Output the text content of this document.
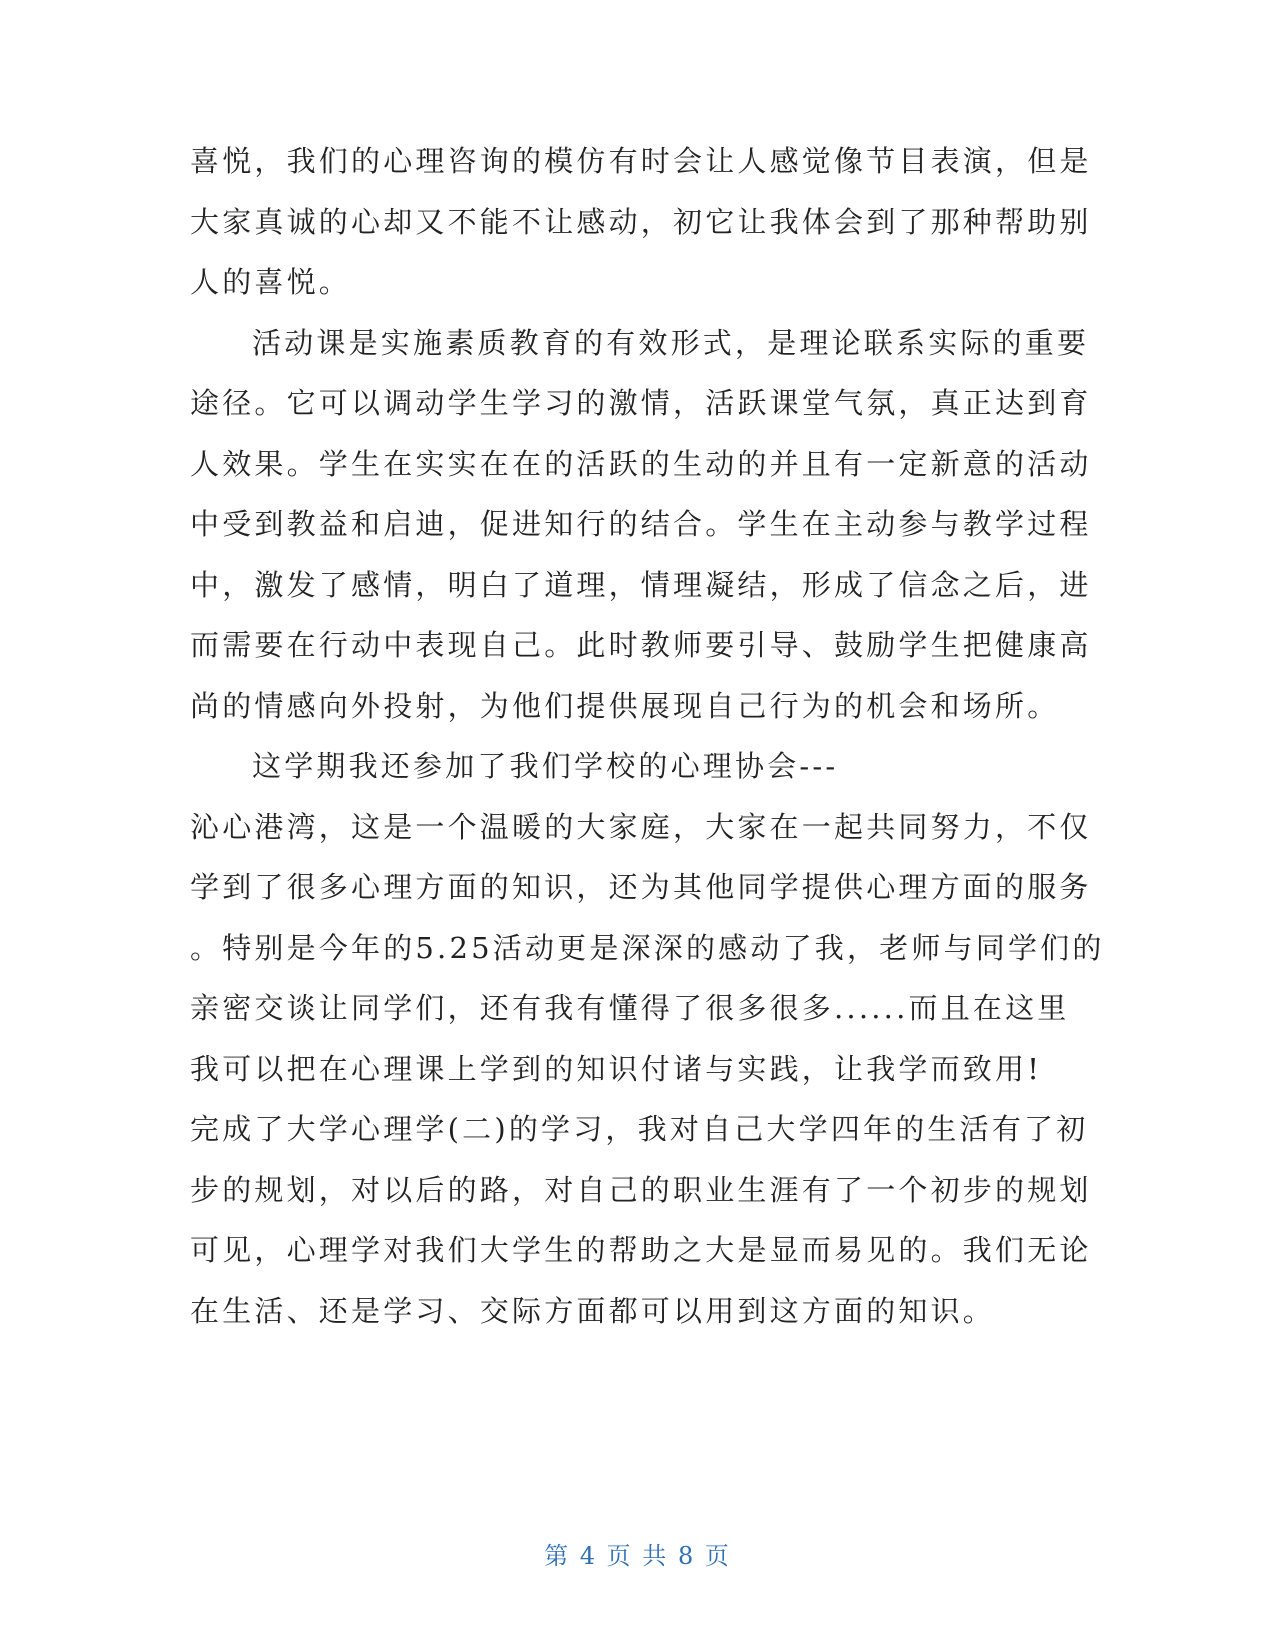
喜悦，我们的心理咨询的模仿有时会让人感觉像节目表演，但是
大家真诚的心却又不能不让感动，初它让我体会到了那种帮助别
人的喜悦。
活动课是实施素质教育的有效形式，是理论联系实际的重要
途径。它可以调动学生学习的激情，活跃课堂气氛，真正达到育
人效果。学生在实实在在的活跃的生动的并且有一定新意的活动
中受到教益和启迪，促进知行的结合。学生在主动参与教学过程
中，激发了感情，明白了道理，情理凝结，形成了信念之后，进
而需要在行动中表现自己。此时教师要引导、鼓励学生把健康高
尚的情感向外投射，为他们提供展现自己行为的机会和场所。
这学期我还参加了我们学校的心理协会---
沁心港湾，这是一个温暖的大家庭，大家在一起共同努力，不仅
学到了很多心理方面的知识，还为其他同学提供心理方面的服务
。特别是今年的5.25活动更是深深的感动了我，老师与同学们的
亲密交谈让同学们，还有我有懂得了很多很多......而且在这里
我可以把在心理课上学到的知识付诸与实践，让我学而致用!
完成了大学心理学(二)的学习，我对自己大学四年的生活有了初
步的规划，对以后的路，对自己的职业生涯有了一个初步的规划
可见，心理学对我们大学生的帮助之大是显而易见的。我们无论
在生活、还是学习、交际方面都可以用到这方面的知识。
第 4 页 共 8 页
